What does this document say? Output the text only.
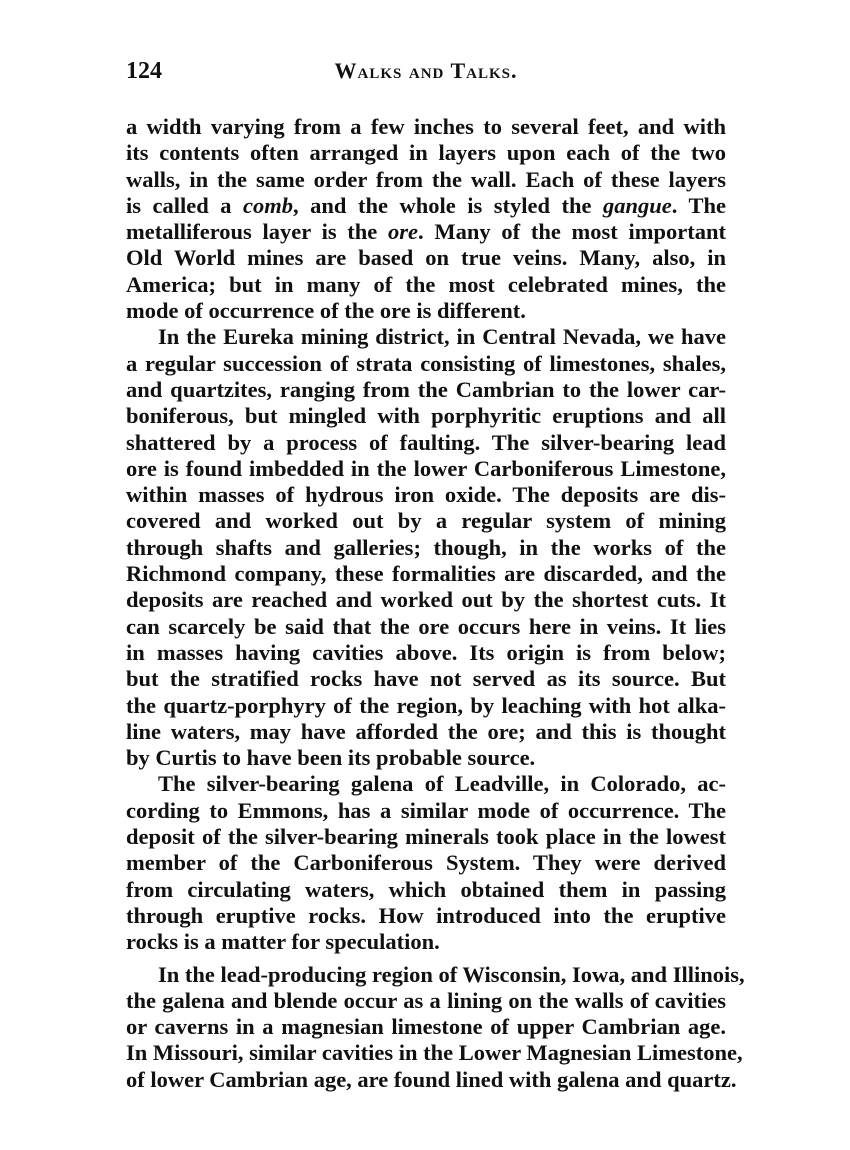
124	Walks and Talks.
a width varying from a few inches to several feet, and with
its contents often arranged in layers upon each of the two
walls, in the same order from the wall. Each of these layers
is called a comb, and the whole is styled the gangue. The
metalliferous layer is the ore. Many of the most important
Old World mines are based on true veins. Many, also, in
America; but in many of the most celebrated mines, the
mode of occurrence of the ore is different.
In the Eureka mining district, in Central Nevada, we have
a regular succession of strata consisting of limestones, shales,
and quartzites, ranging from the Cambrian to the lower car-
boniferous, but mingled with porphyritic eruptions and all
shattered by a process of faulting. The silver-bearing lead
ore is found imbedded in the lower Carboniferous Limestone,
within masses of hydrous iron oxide. The deposits are dis-
covered and worked out by a regular system of mining
through shafts and galleries; though, in the works of the
Richmond company, these formalities are discarded, and the
deposits are reached and worked out by the shortest cuts. It
can scarcely be said that the ore occurs here in veins. It lies
in masses having cavities above. Its origin is from below;
but the stratified rocks have not served as its source. But
the quartz-porphyry of the region, by leaching with hot alka-
line waters, may have afforded the ore; and this is thought
by Curtis to have been its probable source.
The silver-bearing galena of Leadville, in Colorado, ac-
cording to Emmons, has a similar mode of occurrence. The
deposit of the silver-bearing minerals took place in the lowest
member of the Carboniferous System. They were derived
from circulating waters, which obtained them in passing
through eruptive rocks. How introduced into the eruptive
rocks is a matter for speculation.
In the lead-producing region of Wisconsin, Iowa, and Illinois,
the galena and blende occur as a lining on the walls of cavities
or caverns in a magnesian limestone of upper Cambrian age.
In Missouri, similar cavities in the Lower Magnesian Limestone,
of lower Cambrian age, are found lined with galena and quartz.
